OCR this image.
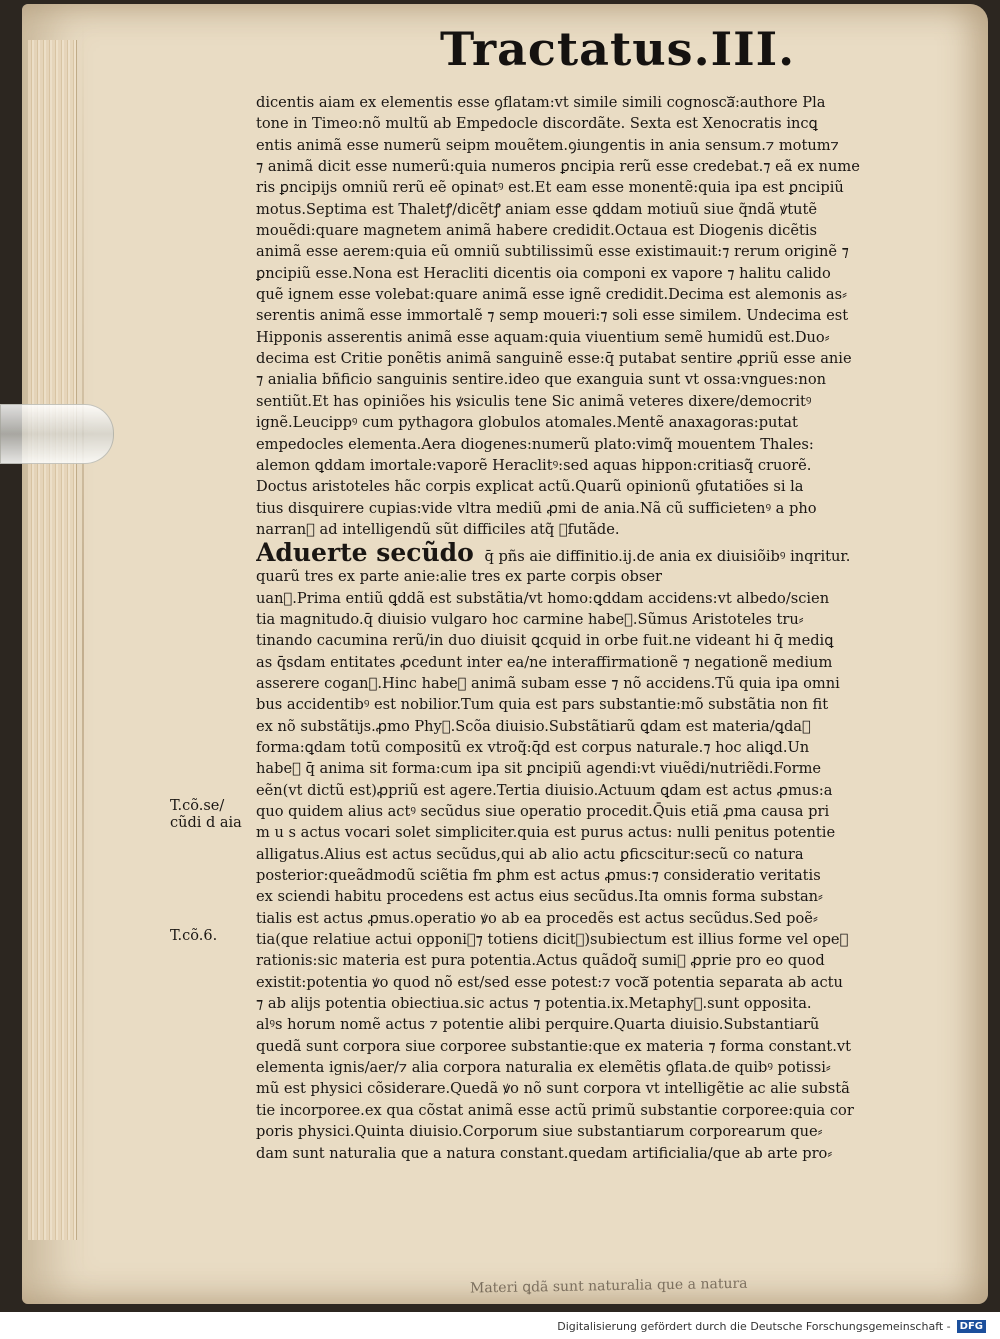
Tractatus.III.
dicentis aiam ex elementis esse ꝯflatam:vt simile simili cognoscaᷓ:authore Pla
tone in Timeo:nõ multũ ab Empedocle discordãte. Sexta est Xenocratis incꝗ
entis animã esse numerũ seipm mouẽtem.ꝯiungentis in ania sensum.⁊ motum⁊
⁊ animã dicit esse numerũ:quia numeros ꝑncipia rerũ esse credebat.⁊ eã ex nume
ris ꝑncipijs omniũ rerũ eẽ opinatꝰ est.Et eam esse monentẽ:quia ipa est ꝑncipiũ
motus.Septima est Thaletꝭ/dicẽtꝭ aniam esse ꝗddam motiuũ siue q̃ndã ꝟtutẽ
mouẽdi:quare magnetem animã habere credidit.Octaua est Diogenis dicẽtis
animã esse aerem:quia eũ omniũ subtilissimũ esse existimauit:⁊ rerum originẽ ⁊
ꝑncipiũ esse.Nona est Heracliti dicentis oia componi ex vapore ⁊ halitu calido
quẽ ignem esse volebat:quare animã esse ignẽ credidit.Decima est alemonis as⸗
serentis animã esse immortalẽ ⁊ semp moueri:⁊ soli esse similem. Undecima est
Hipponis asserentis animã esse aquam:quia viuentium semẽ humidũ est.Duo⸗
decima est Critie ponẽtis animã sanguinẽ esse:q̄ putabat sentire ꝓpriũ esse anie
⁊ anialia bñficio sanguinis sentire.ideo que exanguia sunt vt ossa:vngues:non
sentiũt.Et has opiniões his ꝟsiculis tene Sic animã veteres dixere/democritꝰ
ignẽ.Leucippꝰ cum pythagora globulos atomales.Mentẽ anaxagoras:putat
empedocles elementa.Aera diogenes:numerũ plato:vimq̃ mouentem Thales:
alemon ꝗddam imortale:vaporẽ Heraclitꝰ:sed aquas hippon:critiasq̃ cruorẽ.
Doctus aristoteles hãc corpis explicat actũ.Quarũ opinionũ ꝯfutatiões si la
tius disquirere cupias:vide vltra mediũ ꝓmi de ania.Nã cũ sufficietenꝰ a pho
narranᷓ ad intelligendũ sũt difficiles atq̃ ꝯfutãde.
Aduerte secũdo q̄ pñs aie diffinitio.ij.de ania ex diuisiõibꝰ inqritur.
quarũ tres ex parte anie:alie tres ex parte corpis obser
uanᷓ.Prima entiũ ꝗddã est substãtia/vt homo:ꝗddam accidens:vt albedo/scien
tia magnitudo.q̄ diuisio vulgaro hoc carmine habeᷓ.Sũmus Aristoteles tru⸗
tinando cacumina rerũ/in duo diuisit ꝗcquid in orbe fuit.ne videant hi q̄ mediꝗ
as q̄sdam entitates ꝓcedunt inter ea/ne interaffirmationẽ ⁊ negationẽ medium
asserere coganᷓ.Hinc habeᷓ animã subam esse ⁊ nõ accidens.Tũ quia ipa omni
bus accidentibꝰ est nobilior.Tum quia est pars substantie:mõ substãtia non fit
ex nõ substãtijs.ꝓmo Phyᷓ.Scõa diuisio.Substãtiarũ ꝗdam est materia/ꝗdaꝫ
forma:ꝗdam totũ compositũ ex vtroq̃:q̄d est corpus naturale.⁊ hoc aliꝗd.Un
habeᷓ q̄ anima sit forma:cum ipa sit ꝑncipiũ agendi:vt viuẽdi/nutriẽdi.Forme
eẽn(vt dictũ est)ꝓpriũ est agere.Tertia diuisio.Actuum ꝗdam est actus ꝓmus:a
quo quidem alius actꝰ secũdus siue operatio procedit.Q̄uis etiã ꝓma causa pri
m u s actus vocari solet simpliciter.quia est purus actus: nulli penitus potentie
alligatus.Alius est actus secũdus,qui ab alio actu ꝑficscitur:secũ co natura
posterior:queãdmodũ sciẽtia fm ꝑhm est actus ꝓmus:⁊ consideratio veritatis
ex sciendi habitu procedens est actus eius secũdus.Ita omnis forma substan⸗
tialis est actus ꝓmus.operatio ꝟo ab ea procedẽs est actus secũdus.Sed poẽ⸗
tia(que relatiue actui opponiᷓ⁊ totiens dicitᷓ)subiectum est illius forme vel opeꝛ
rationis:sic materia est pura potentia.Actus quãdoq̃ sumiᷓ ꝓprie pro eo quod
existit:potentia ꝟo quod nõ est/sed esse potest:⁊ vocaᷓ potentia separata ab actu
⁊ ab alijs potentia obiectiua.sic actus ⁊ potentia.ix.Metaphyᷓ.sunt opposita.
alꝰs horum nomẽ actus ⁊ potentie alibi perquire.Quarta diuisio.Substantiarũ
quedã sunt corpora siue corporee substantie:que ex materia ⁊ forma constant.vt
elementa ignis/aer/⁊ alia corpora naturalia ex elemẽtis ꝯflata.de quibꝰ potissi⸗
mũ est physici cõsiderare.Quedã ꝟo nõ sunt corpora vt intelligẽtie ac alie substã
tie incorporee.ex qua cõstat animã esse actũ primũ substantie corporee:quia cor
poris physici.Quinta diuisio.Corporum siue substantiarum corporearum que⸗
dam sunt naturalia que a natura constant.quedam artificialia/que ab arte pro⸗
T.cõ.se/
cũdi d aia
T.cõ.6.
Materi ꝗdã sunt naturalia que a natura
Digitalisierung gefördert durch die Deutsche Forschungsgemeinschaft - DFG
